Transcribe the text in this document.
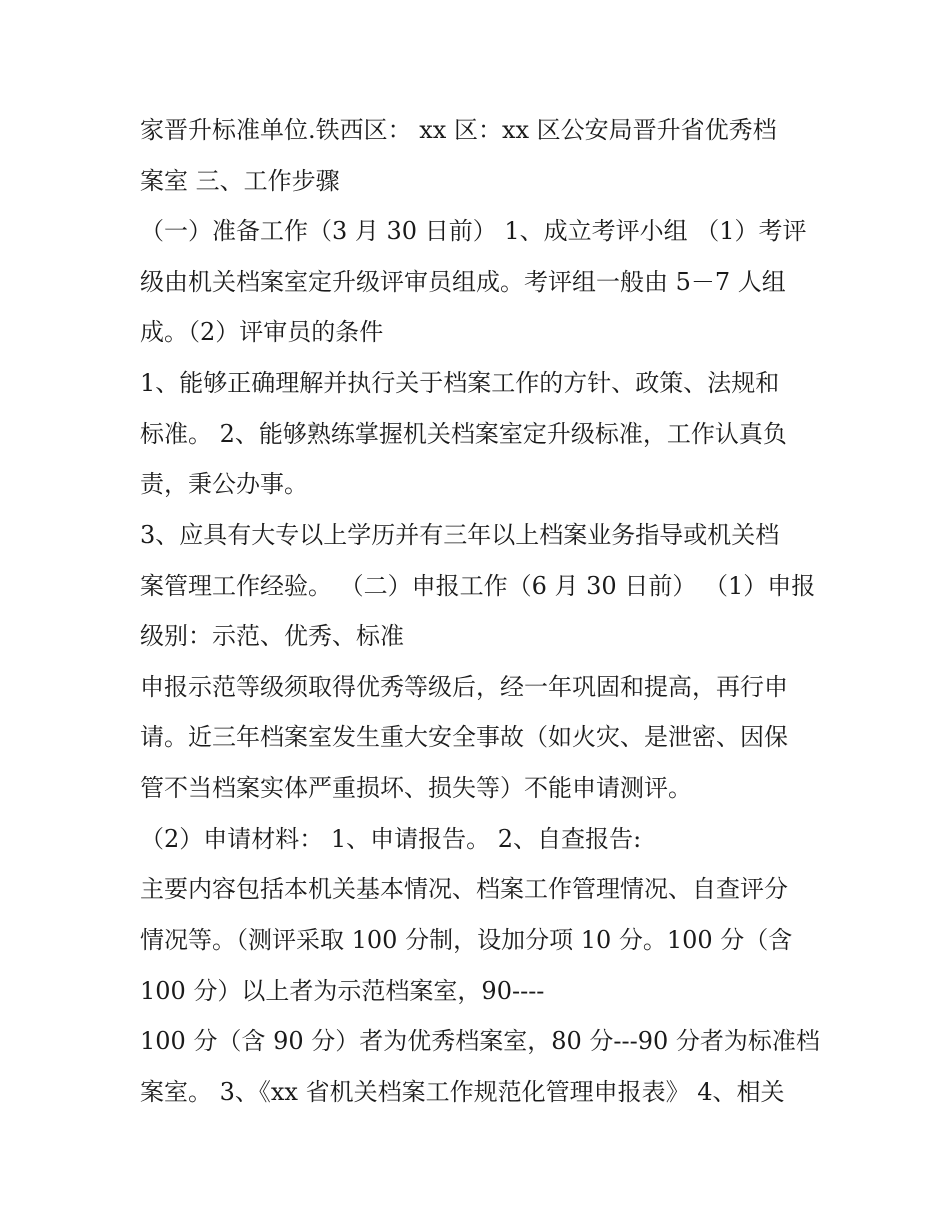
家晋升标准单位.铁西区： xx 区：xx 区公安局晋升省优秀档
案室 三、工作步骤
（一）准备工作（3 月 30 日前） 1、成立考评小组 （1）考评
级由机关档案室定升级评审员组成。考评组一般由 5－7 人组
成。（2）评审员的条件
1、能够正确理解并执行关于档案工作的方针、政策、法规和
标准。 2、能够熟练掌握机关档案室定升级标准，工作认真负
责，秉公办事。
3、应具有大专以上学历并有三年以上档案业务指导或机关档
案管理工作经验。 （二）申报工作（6 月 30 日前） （1）申报
级别：示范、优秀、标准
申报示范等级须取得优秀等级后，经一年巩固和提高，再行申
请。近三年档案室发生重大安全事故（如火灾、是泄密、因保
管不当档案实体严重损坏、损失等）不能申请测评。
（2）申请材料： 1、申请报告。 2、自查报告:
主要内容包括本机关基本情况、档案工作管理情况、自查评分
情况等。（测评采取 100 分制，设加分项 10 分。100 分（含
100 分）以上者为示范档案室，90----
100 分（含 90 分）者为优秀档案室，80 分---90 分者为标准档
案室。 3、《xx 省机关档案工作规范化管理申报表》 4、相关
